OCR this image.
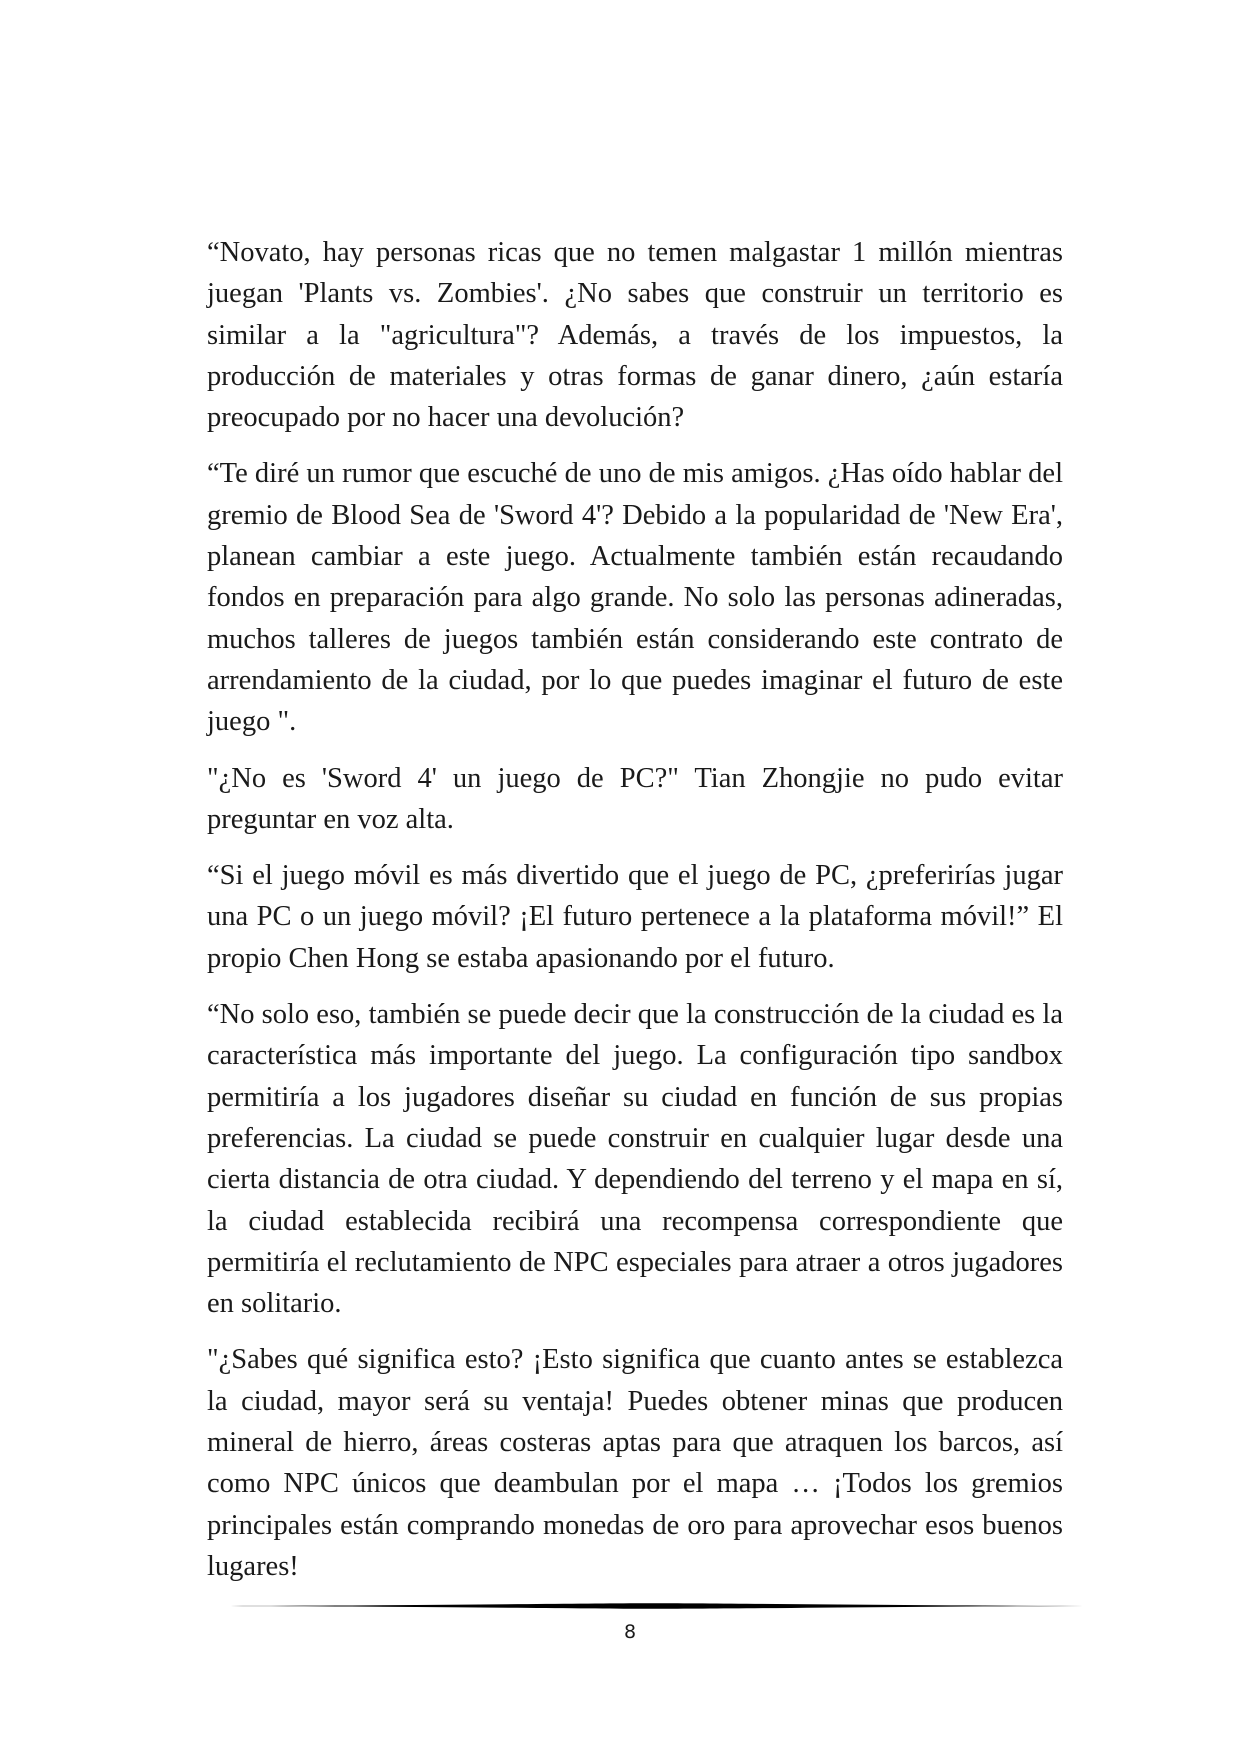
“Novato, hay personas ricas que no temen malgastar 1 millón mientras juegan 'Plants vs. Zombies'. ¿No sabes que construir un territorio es similar a la "agricultura"? Además, a través de los impuestos, la producción de materiales y otras formas de ganar dinero, ¿aún estaría preocupado por no hacer una devolución?

“Te diré un rumor que escuché de uno de mis amigos. ¿Has oído hablar del gremio de Blood Sea de 'Sword 4'? Debido a la popularidad de 'New Era', planean cambiar a este juego. Actualmente también están recaudando fondos en preparación para algo grande. No solo las personas adineradas, muchos talleres de juegos también están considerando este contrato de arrendamiento de la ciudad, por lo que puedes imaginar el futuro de este juego ".

"¿No es 'Sword 4' un juego de PC?" Tian Zhongjie no pudo evitar preguntar en voz alta.

“Si el juego móvil es más divertido que el juego de PC, ¿preferirías jugar una PC o un juego móvil? ¡El futuro pertenece a la plataforma móvil!” El propio Chen Hong se estaba apasionando por el futuro.

“No solo eso, también se puede decir que la construcción de la ciudad es la característica más importante del juego. La configuración tipo sandbox permitiría a los jugadores diseñar su ciudad en función de sus propias preferencias. La ciudad se puede construir en cualquier lugar desde una cierta distancia de otra ciudad. Y dependiendo del terreno y el mapa en sí, la ciudad establecida recibirá una recompensa correspondiente que permitiría el reclutamiento de NPC especiales para atraer a otros jugadores en solitario.

"¿Sabes qué significa esto? ¡Esto significa que cuanto antes se establezca la ciudad, mayor será su ventaja! Puedes obtener minas que producen mineral de hierro, áreas costeras aptas para que atraquen los barcos, así como NPC únicos que deambulan por el mapa … ¡Todos los gremios principales están comprando monedas de oro para aprovechar esos buenos lugares!

8
